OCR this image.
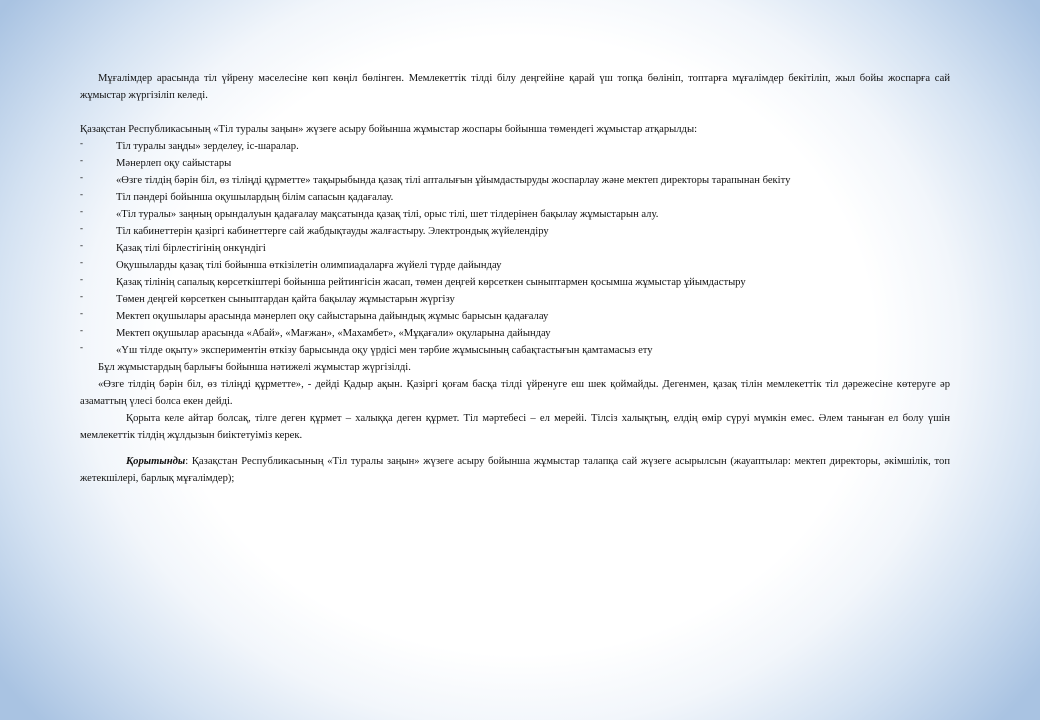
Мұғалімдер арасында тіл үйрену мәселесіне көп көңіл бөлінген. Мемлекеттік тілді білу деңгейіне қарай үш топқа бөлініп, топтарға мұғалімдер бекітіліп, жыл бойы жоспарға сай жұмыстар жүргізіліп келеді.

Қазақстан Республикасының «Тіл туралы заңын» жүзеге асыру бойынша жұмыстар жоспары бойынша төмендегі жұмыстар атқарылды:

-	Тіл туралы заңды» зерделеу, іс-шаралар.
-	Мәнерлеп оқу сайыстары
-	«Өзге тілдің бәрін біл, өз тіліңді құрметте» тақырыбында қазақ тілі апталығын ұйымдастыруды жоспарлау және мектеп директоры тарапынан бекіту
-	Тіл пәндері бойынша оқушылардың білім сапасын қадағалау.
-	«Тіл туралы» заңның орындалуын қадағалау мақсатында қазақ тілі, орыс тілі, шет тілдерінен бақылау жұмыстарын алу.
-	Тіл кабинеттерін қазіргі кабинеттерге сай жабдықтауды жалғастыру. Электрондық жүйелендіру
-	Қазақ тілі бірлестігінің онкүндігі
-	Оқушыларды қазақ тілі бойынша өткізілетін олимпиадаларға жүйелі түрде дайындау
-	Қазақ тілінің сапалық көрсеткіштері бойынша рейтингісін жасап, төмен деңгей көрсеткен сыныптармен қосымша жұмыстар ұйымдастыру
-	Төмен деңгей көрсеткен сыныптардан қайта бақылау жұмыстарын жүргізу
-	Мектеп оқушылары арасында мәнерлеп оқу сайыстарына дайындық жұмыс барысын қадағалау
-	Мектеп оқушылар арасында «Абай», «Мағжан», «Махамбет», «Мұқағали» оқуларына дайындау
-	«Үш тілде оқыту» экспериментін өткізу барысында оқу үрдісі мен тәрбие жұмысының сабақтастығын қамтамасыз ету

Бұл жұмыстардың барлығы бойынша нәтижелі жұмыстар жүргізілді.

«Өзге тілдің бәрін біл, өз тіліңді құрметте», - дейді Қадыр ақын. Қазіргі қоғам басқа тілді үйренуге еш шек қоймайды. Дегенмен, қазақ тілін мемлекеттік тіл дәрежесіне көтеруге әр азаматтың үлесі болса екен дейді.

Қорыта келе айтар болсақ, тілге деген құрмет – халыққа деген құрмет. Тіл мәртебесі – ел мерейі. Тілсіз халықтың, елдің өмір сүруі мүмкін емес. Әлем таныған ел болу үшін мемлекеттік тілдің жұлдызын биіктетуіміз керек.

Қорытынды: Қазақстан Республикасының «Тіл туралы заңын» жүзеге асыру бойынша жұмыстар талапқа сай жүзеге асырылсын (жауаптылар: мектеп директоры, әкімшілік, топ жетекшілері, барлық мұғалімдер);
